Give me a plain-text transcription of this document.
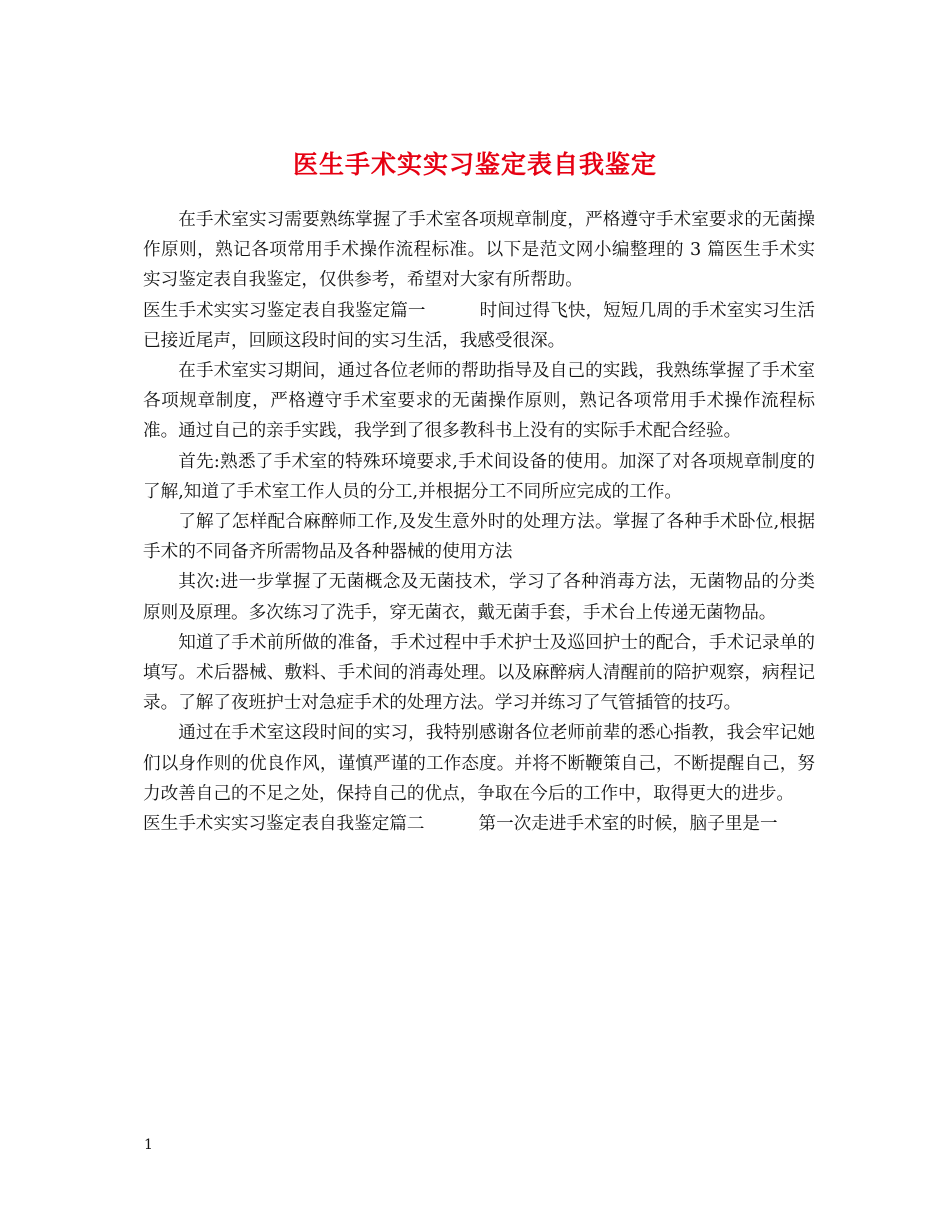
医生手术实实习鉴定表自我鉴定

在手术室实习需要熟练掌握了手术室各项规章制度，严格遵守手术室要求的无菌操作原则，熟记各项常用手术操作流程标准。以下是范文网小编整理的 3 篇医生手术实实习鉴定表自我鉴定，仅供参考，希望对大家有所帮助。

医生手术实实习鉴定表自我鉴定篇一	时间过得飞快，短短几周的手术室实习生活已接近尾声，回顾这段时间的实习生活，我感受很深。

在手术室实习期间，通过各位老师的帮助指导及自己的实践，我熟练掌握了手术室各项规章制度，严格遵守手术室要求的无菌操作原则，熟记各项常用手术操作流程标准。通过自己的亲手实践，我学到了很多教科书上没有的实际手术配合经验。

首先:熟悉了手术室的特殊环境要求,手术间设备的使用。加深了对各项规章制度的了解,知道了手术室工作人员的分工,并根据分工不同所应完成的工作。

了解了怎样配合麻醉师工作,及发生意外时的处理方法。掌握了各种手术卧位,根据手术的不同备齐所需物品及各种器械的使用方法

其次:进一步掌握了无菌概念及无菌技术，学习了各种消毒方法，无菌物品的分类原则及原理。多次练习了洗手，穿无菌衣，戴无菌手套，手术台上传递无菌物品。

知道了手术前所做的准备，手术过程中手术护士及巡回护士的配合，手术记录单的填写。术后器械、敷料、手术间的消毒处理。以及麻醉病人清醒前的陪护观察，病程记录。了解了夜班护士对急症手术的处理方法。学习并练习了气管插管的技巧。

通过在手术室这段时间的实习，我特别感谢各位老师前辈的悉心指教，我会牢记她们以身作则的优良作风，谨慎严谨的工作态度。并将不断鞭策自己，不断提醒自己，努力改善自己的不足之处，保持自己的优点，争取在今后的工作中，取得更大的进步。

医生手术实实习鉴定表自我鉴定篇二	第一次走进手术室的时候，脑子里是一

1
